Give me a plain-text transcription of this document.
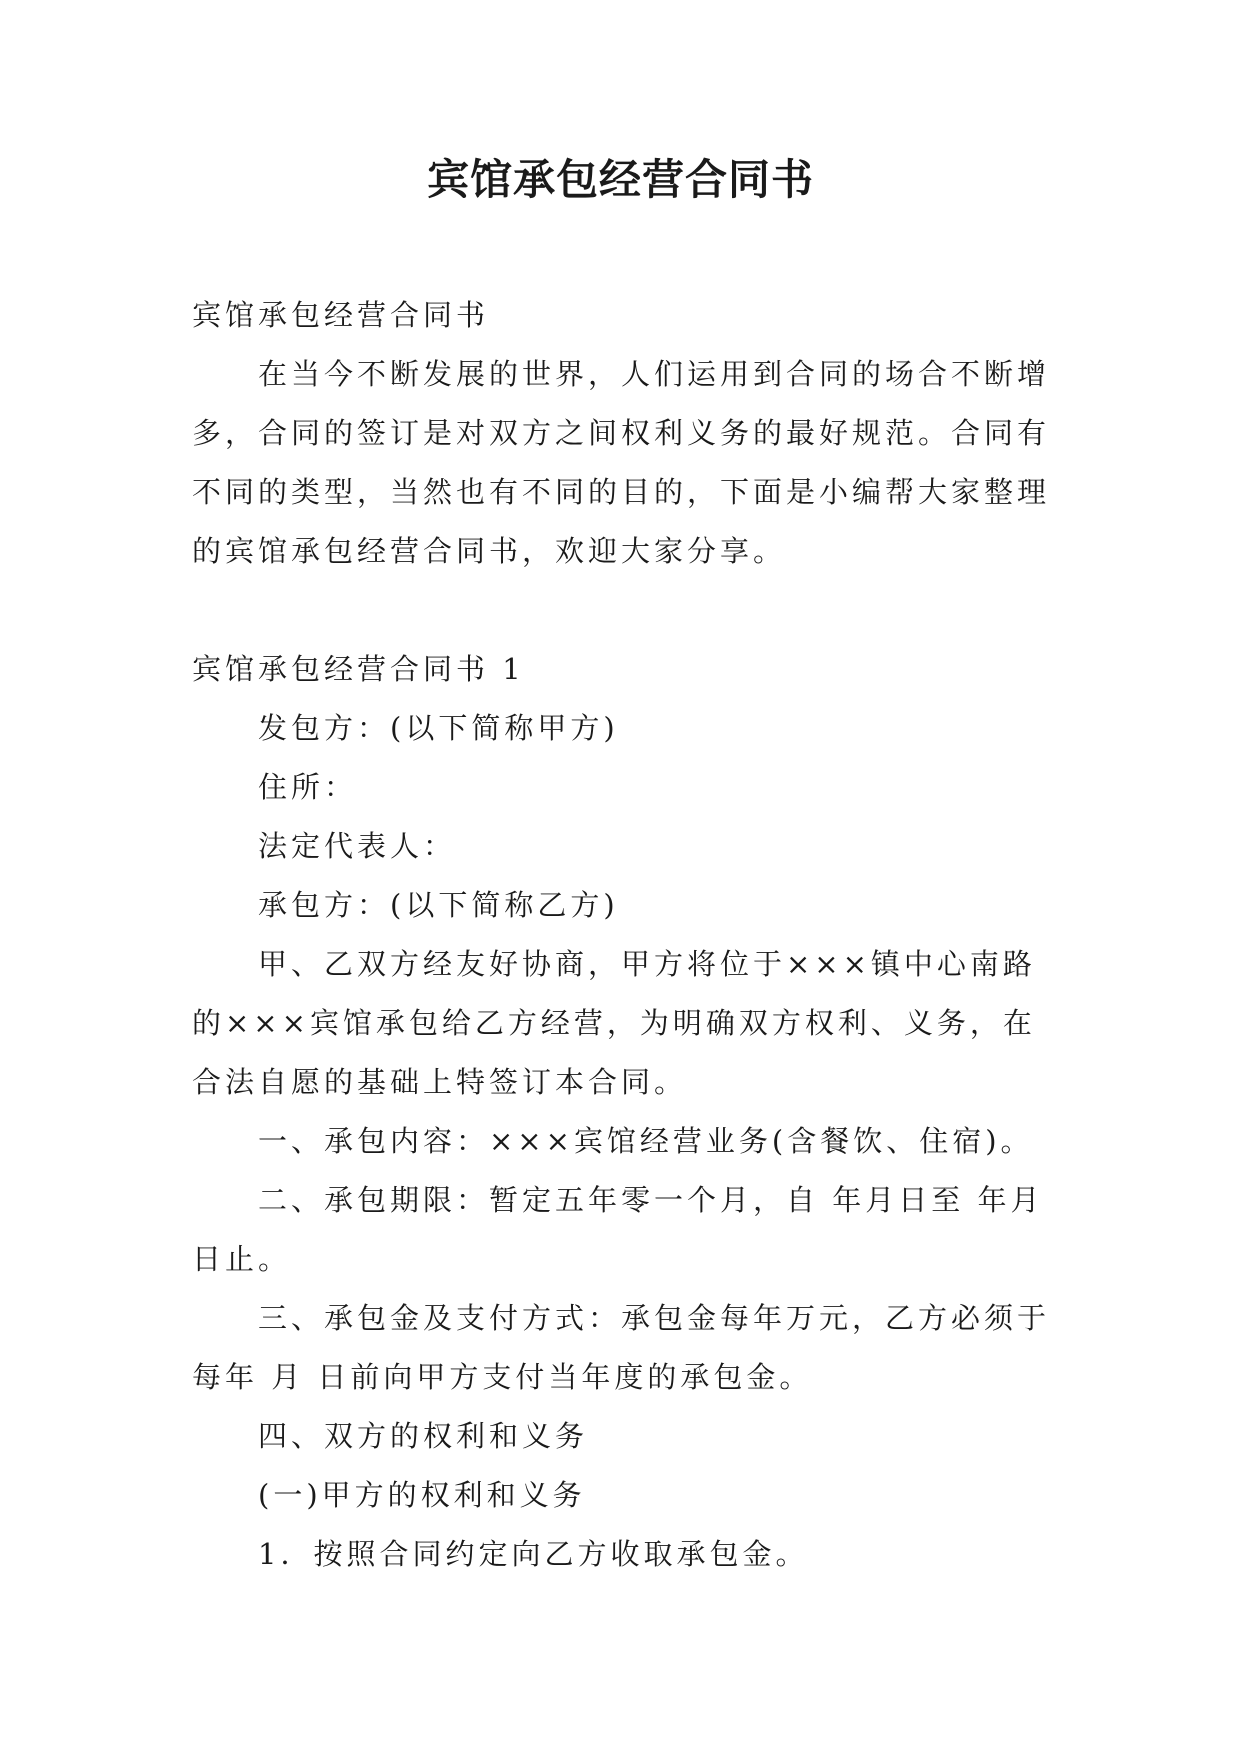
宾馆承包经营合同书

宾馆承包经营合同书

在当今不断发展的世界，人们运用到合同的场合不断增多，合同的签订是对双方之间权利义务的最好规范。合同有不同的类型，当然也有不同的目的，下面是小编帮大家整理的宾馆承包经营合同书，欢迎大家分享。

宾馆承包经营合同书 1

发包方：(以下简称甲方)

住所：

法定代表人：

承包方：(以下简称乙方)

甲、乙双方经友好协商，甲方将位于×××镇中心南路的×××宾馆承包给乙方经营，为明确双方权利、义务，在合法自愿的基础上特签订本合同。

一、承包内容：×××宾馆经营业务(含餐饮、住宿)。

二、承包期限：暂定五年零一个月，自 年月日至 年月 日止。

三、承包金及支付方式：承包金每年万元，乙方必须于每年 月 日前向甲方支付当年度的承包金。

四、双方的权利和义务

(一)甲方的权利和义务

1．按照合同约定向乙方收取承包金。
